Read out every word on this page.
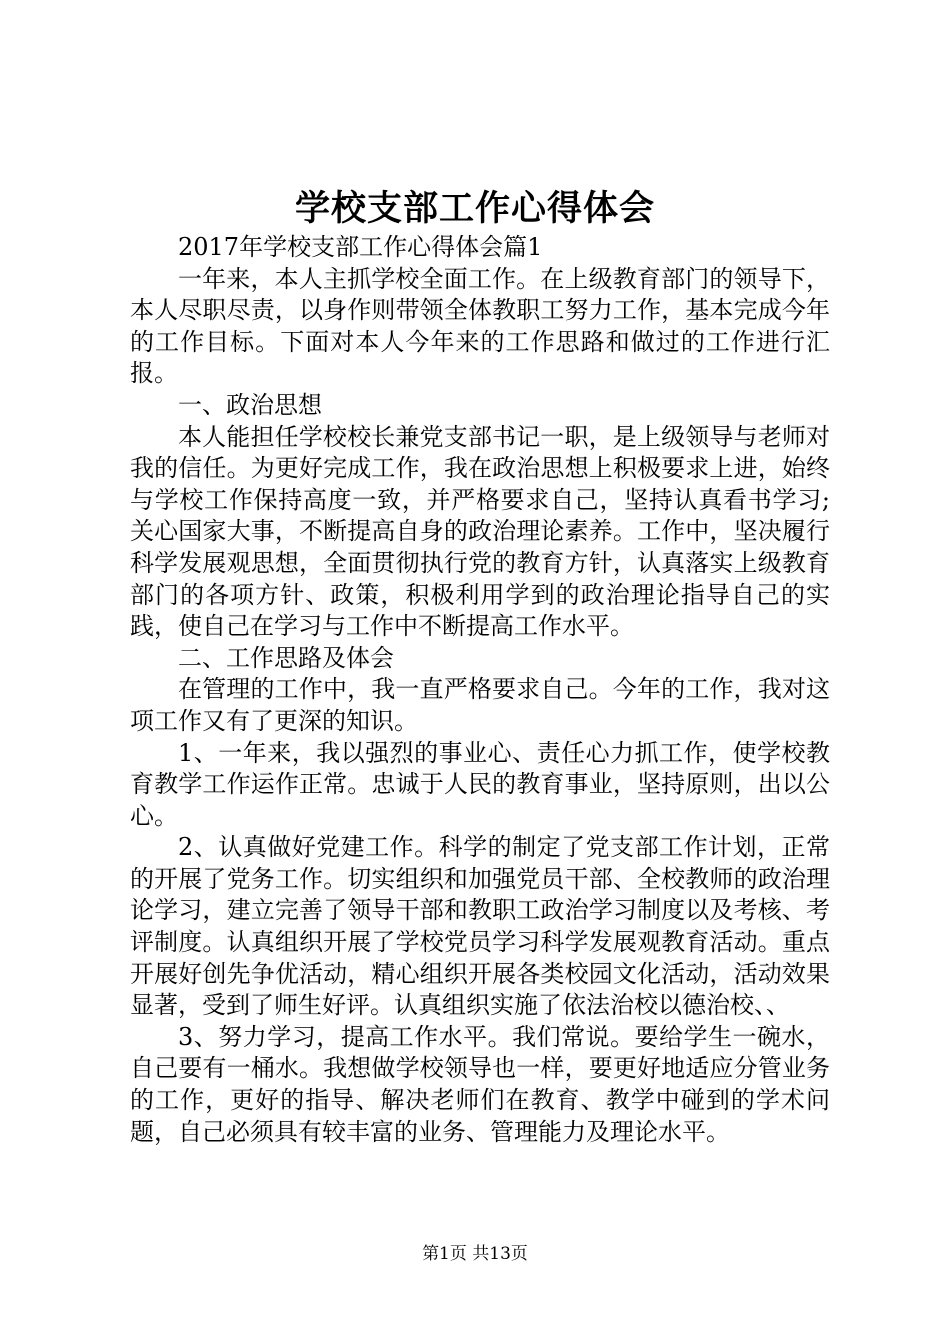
学校支部工作心得体会

2017年学校支部工作心得体会篇1

一年来，本人主抓学校全面工作。在上级教育部门的领导下，本人尽职尽责，以身作则带领全体教职工努力工作，基本完成今年的工作目标。下面对本人今年来的工作思路和做过的工作进行汇报。

一、政治思想

本人能担任学校校长兼党支部书记一职，是上级领导与老师对我的信任。为更好完成工作，我在政治思想上积极要求上进，始终与学校工作保持高度一致，并严格要求自己，坚持认真看书学习;关心国家大事，不断提高自身的政治理论素养。工作中，坚决履行科学发展观思想，全面贯彻执行党的教育方针，认真落实上级教育部门的各项方针、政策，积极利用学到的政治理论指导自己的实践，使自己在学习与工作中不断提高工作水平。

二、工作思路及体会

在管理的工作中，我一直严格要求自己。今年的工作，我对这项工作又有了更深的知识。

1、一年来，我以强烈的事业心、责任心力抓工作，使学校教育教学工作运作正常。忠诚于人民的教育事业，坚持原则，出以公心。

2、认真做好党建工作。科学的制定了党支部工作计划，正常的开展了党务工作。切实组织和加强党员干部、全校教师的政治理论学习，建立完善了领导干部和教职工政治学习制度以及考核、考评制度。认真组织开展了学校党员学习科学发展观教育活动。重点开展好创先争优活动，精心组织开展各类校园文化活动，活动效果显著，受到了师生好评。认真组织实施了依法治校以德治校、、

3、努力学习，提高工作水平。我们常说。要给学生一碗水，自己要有一桶水。我想做学校领导也一样，要更好地适应分管业务的工作，更好的指导、解决老师们在教育、教学中碰到的学术问题，自己必须具有较丰富的业务、管理能力及理论水平。

第1页 共13页
